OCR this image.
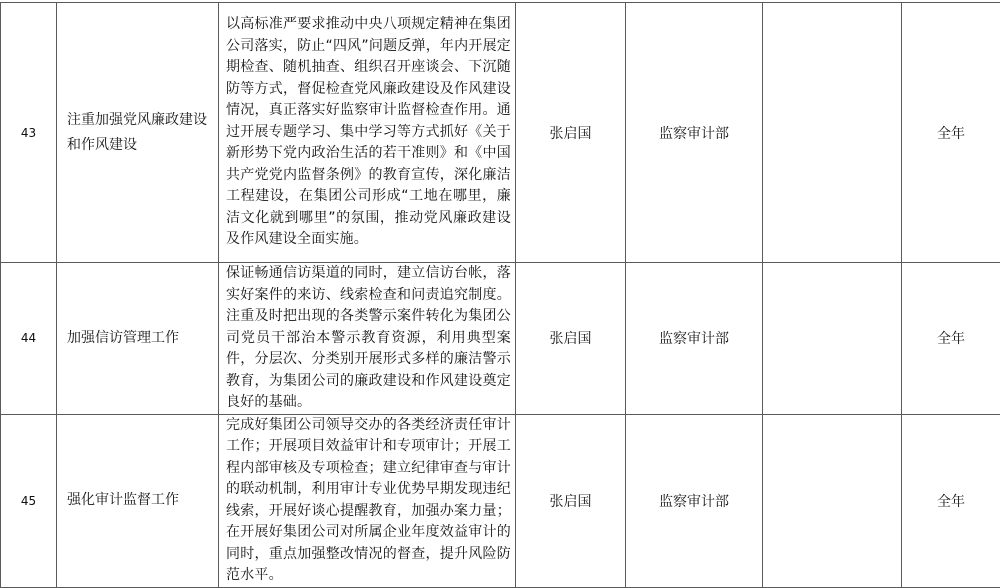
43	注重加强党风廉政建设和作风建设	以高标准严要求推动中央八项规定精神在集团公司落实，防止“四风”问题反弹，年内开展定期检查、随机抽查、组织召开座谈会、下沉随防等方式，督促检查党风廉政建设及作风建设情况，真正落实好监察审计监督检查作用。通过开展专题学习、集中学习等方式抓好《关于新形势下党内政治生活的若干准则》和《中国共产党党内监督条例》的教育宣传，深化廉洁工程建设，在集团公司形成“工地在哪里，廉洁文化就到哪里”的氛围，推动党风廉政建设及作风建设全面实施。	张启国	监察审计部		全年
44	加强信访管理工作	保证畅通信访渠道的同时，建立信访台帐，落实好案件的来访、线索检查和问责追究制度。注重及时把出现的各类警示案件转化为集团公司党员干部治本警示教育资源，利用典型案件，分层次、分类别开展形式多样的廉洁警示教育，为集团公司的廉政建设和作风建设奠定良好的基础。	张启国	监察审计部		全年
45	强化审计监督工作	完成好集团公司领导交办的各类经济责任审计工作；开展项目效益审计和专项审计；开展工程内部审核及专项检查；建立纪律审查与审计的联动机制，利用审计专业优势早期发现违纪线索，开展好谈心提醒教育，加强办案力量；在开展好集团公司对所属企业年度效益审计的同时，重点加强整改情况的督查，提升风险防范水平。	张启国	监察审计部		全年
